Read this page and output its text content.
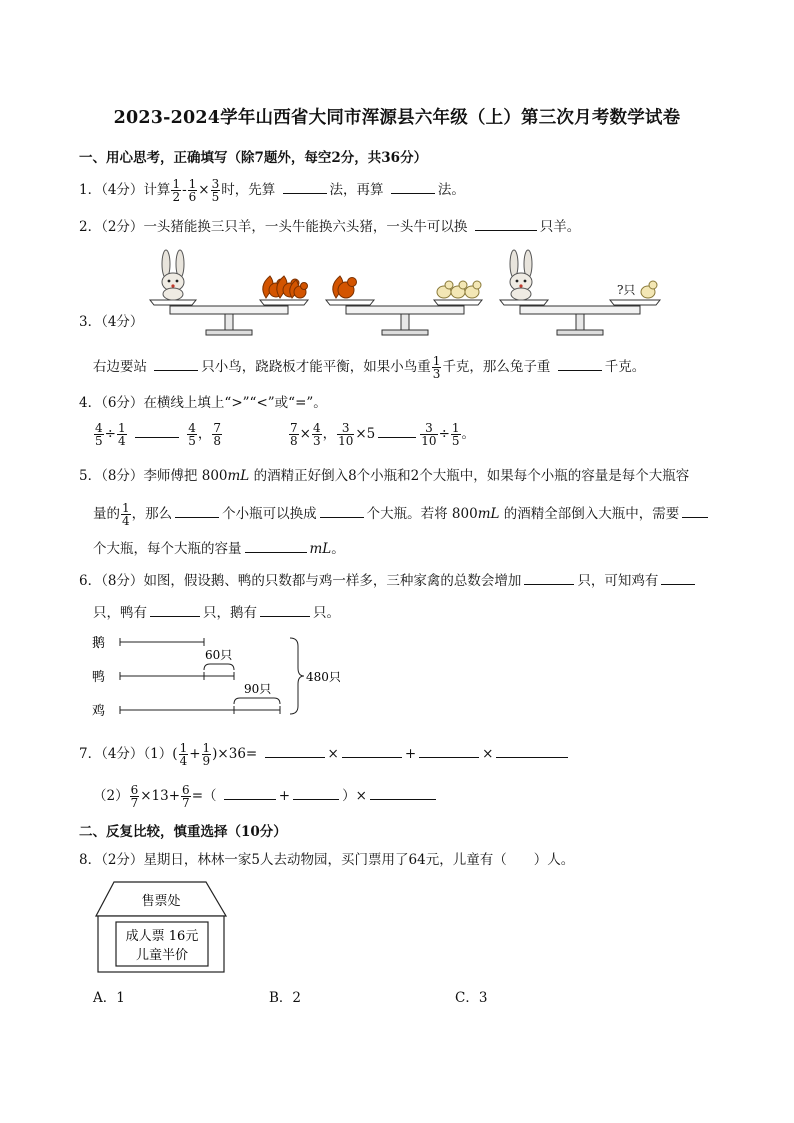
2023-2024学年山西省大同市浑源县六年级（上）第三次月考数学试卷
一、用心思考，正确填写（除7题外，每空2分，共36分）
1．（4分）计算 $\frac{1}{2} - \frac{1}{6} \times \frac{3}{5}$ 时，先算	法，再算	法。
2．（2分）一头猪能换三只羊，一头牛能换六头猪，一头牛可以换	只羊。
3．（4分）
?只
右边要站	只小鸟，跷跷板才能平衡，如果小鸟重 $\frac{1}{3}$ 千克，那么兔子重	千克。
4．（6分）在横线上填上“>”“<”或“=”。
$\frac{4}{5} \div \frac{1}{4}$
	$\frac{4}{5}$ ， $\frac{7}{8}$	$\frac{7}{8} \times \frac{4}{3}$ ， $\frac{3}{10} \times 5$	$\frac{3}{10} \div \frac{1}{5}$ 。
5．（8分）李师傅把 800mL 的酒精正好倒入8个小瓶和2个大瓶中，如果每个小瓶的容量是每个大瓶容
量的 $\frac{1}{4}$ ，那么	个小瓶可以换成	个大瓶。若将 800mL 的酒精全部倒入大瓶中，需要
个大瓶，每个大瓶的容量	mL。
6．（8分）如图，假设鹅、鸭的只数都与鸡一样多，三种家禽的总数会增加	只，可知鸡有
只，鸭有	只，鹅有	只。
鹅
鸭
鸡
60只
90只
480只
7．（4分）$(1)( \frac{1}{4} + \frac{1}{9} )\times 36=$	×	+	×
$(2) \frac{6}{7} \times 13+ \frac{6}{7}$ =（	+	）×
二、反复比较，慎重选择（10分）
8．（2分）星期日，林林一家5人去动物园，买门票用了64元，儿童有（　　）人。
售票处
成人票 16元
儿童半价
A．1	B．2	C．3
